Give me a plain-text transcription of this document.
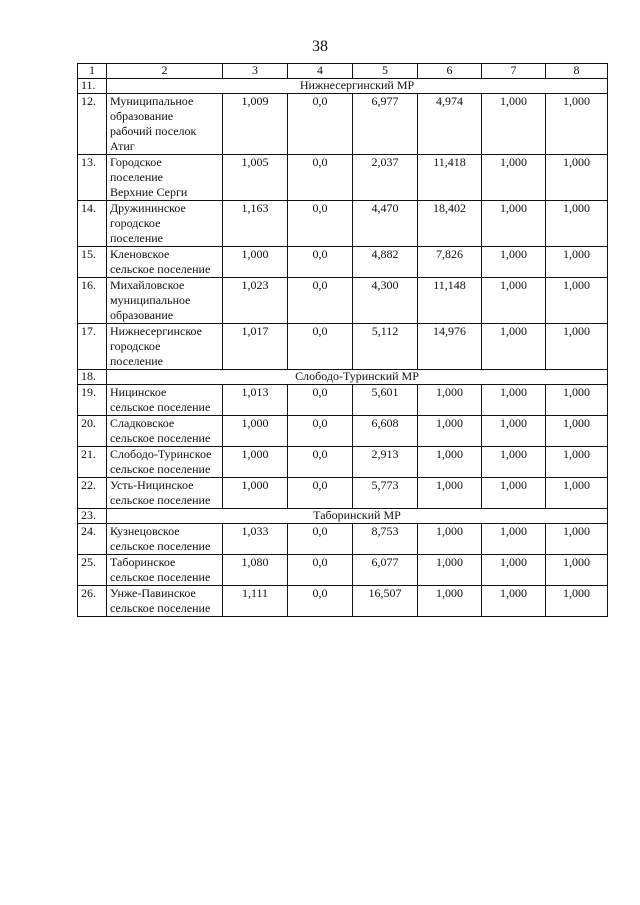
38
1	2	3	4	5	6	7	8
11.	Нижнесергинский МР						
12.	Муниципальное
образование
рабочий поселок
Атиг	1,009	0,0	6,977	4,974	1,000	1,000
13.	Городское
поселение
Верхние Серги	1,005	0,0	2,037	11,418	1,000	1,000
14.	Дружининское
городское
поселение	1,163	0,0	4,470	18,402	1,000	1,000
15.	Кленовское
сельское поселение	1,000	0,0	4,882	7,826	1,000	1,000
16.	Михайловское
муниципальное
образование	1,023	0,0	4,300	11,148	1,000	1,000
17.	Нижнесергинское
городское
поселение	1,017	0,0	5,112	14,976	1,000	1,000
18.	Слободо-Туринский МР						
19.	Ницинское
сельское поселение	1,013	0,0	5,601	1,000	1,000	1,000
20.	Сладковское
сельское поселение	1,000	0,0	6,608	1,000	1,000	1,000
21.	Слободо-Туринское
сельское поселение	1,000	0,0	2,913	1,000	1,000	1,000
22.	Усть-Ницинское
сельское поселение	1,000	0,0	5,773	1,000	1,000	1,000
23.	Таборинский МР						
24.	Кузнецовское
сельское поселение	1,033	0,0	8,753	1,000	1,000	1,000
25.	Таборинское
сельское поселение	1,080	0,0	6,077	1,000	1,000	1,000
26.	Унже-Павинское
сельское поселение	1,111	0,0	16,507	1,000	1,000	1,000
